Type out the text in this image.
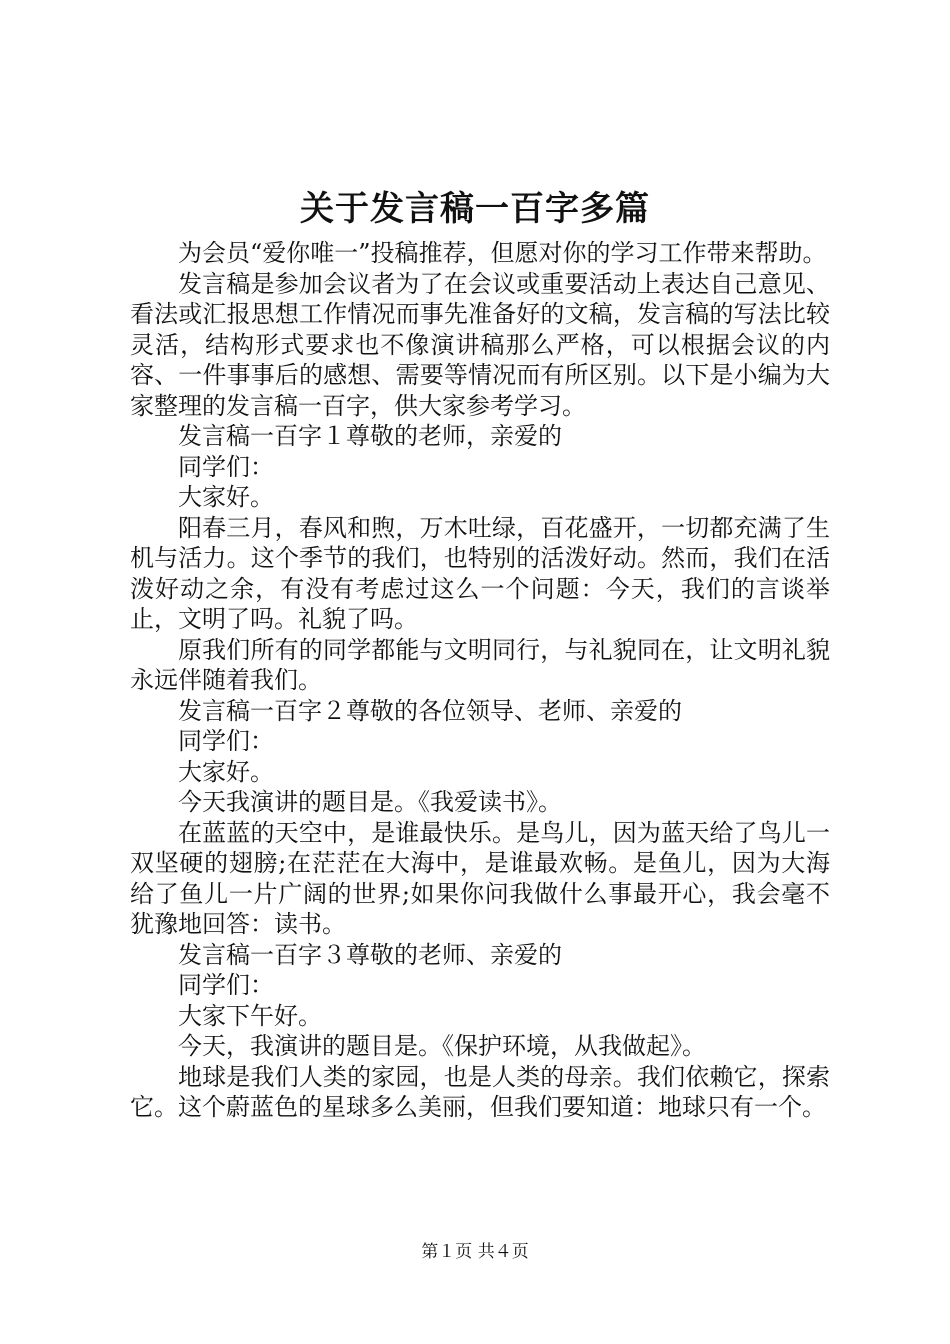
关于发言稿一百字多篇

为会员“爱你唯一”投稿推荐，但愿对你的学习工作带来帮助。

发言稿是参加会议者为了在会议或重要活动上表达自己意见、看法或汇报思想工作情况而事先准备好的文稿，发言稿的写法比较灵活，结构形式要求也不像演讲稿那么严格，可以根据会议的内容、一件事事后的感想、需要等情况而有所区别。以下是小编为大家整理的发言稿一百字，供大家参考学习。

发言稿一百字１尊敬的老师，亲爱的

同学们：

大家好。

阳春三月，春风和煦，万木吐绿，百花盛开，一切都充满了生机与活力。这个季节的我们，也特别的活泼好动。然而，我们在活泼好动之余，有没有考虑过这么一个问题：今天，我们的言谈举止，文明了吗。礼貌了吗。

原我们所有的同学都能与文明同行，与礼貌同在，让文明礼貌永远伴随着我们。

发言稿一百字２尊敬的各位领导、老师、亲爱的

同学们：

大家好。

今天我演讲的题目是。《我爱读书》。

在蓝蓝的天空中，是谁最快乐。是鸟儿，因为蓝天给了鸟儿一双坚硬的翅膀;在茫茫在大海中，是谁最欢畅。是鱼儿，因为大海给了鱼儿一片广阔的世界;如果你问我做什么事最开心，我会毫不犹豫地回答：读书。

发言稿一百字３尊敬的老师、亲爱的

同学们：

大家下午好。

今天，我演讲的题目是。《保护环境，从我做起》。

地球是我们人类的家园，也是人类的母亲。我们依赖它，探索它。这个蔚蓝色的星球多么美丽，但我们要知道：地球只有一个。

第１页 共４页
